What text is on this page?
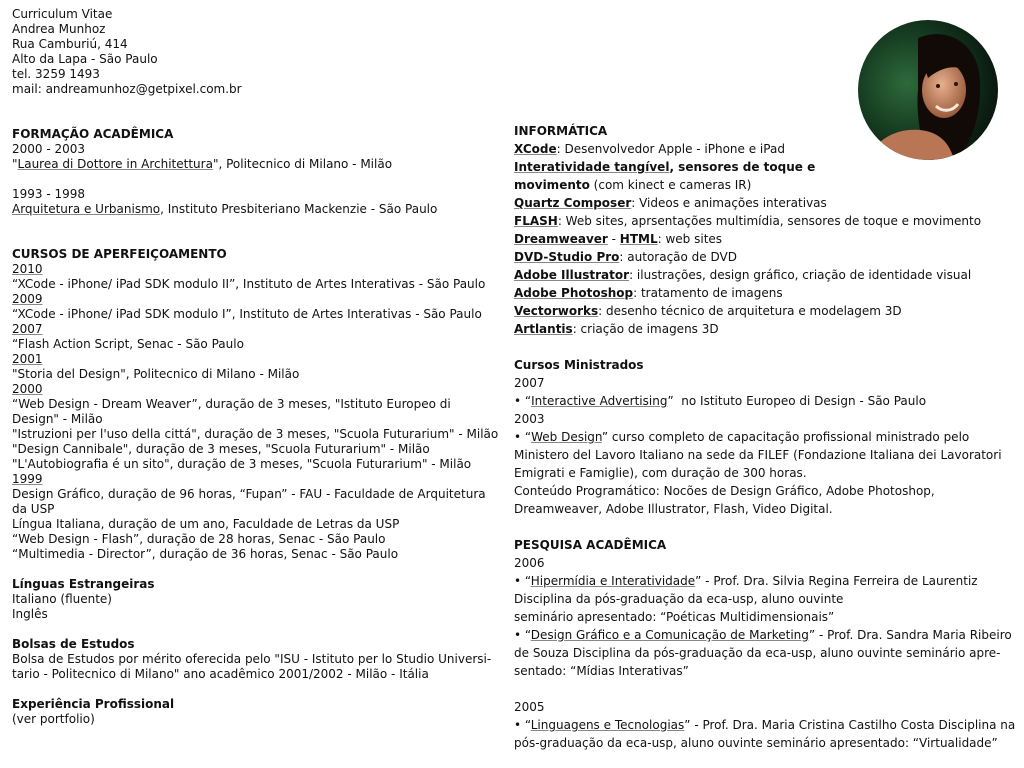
Curriculum Vitae
Andrea Munhoz
Rua Camburiú, 414
Alto da Lapa - São Paulo
tel. 3259 1493
mail: andreamunhoz@getpixel.com.br
FORMAÇÃO ACADÊMICA
2000 - 2003
"Laurea di Dottore in Architettura", Politecnico di Milano - Milão
1993 - 1998
Arquitetura e Urbanismo, Instituto Presbiteriano Mackenzie - São Paulo
CURSOS DE APERFEIÇOAMENTO
2010
“XCode - iPhone/ iPad SDK modulo II”, Instituto de Artes Interativas - São Paulo
2009
“XCode - iPhone/ iPad SDK modulo I”, Instituto de Artes Interativas - São Paulo
2007
“Flash Action Script, Senac - São Paulo
2001
"Storia del Design", Politecnico di Milano - Milão
2000
“Web Design - Dream Weaver”, duração de 3 meses, "Istituto Europeo di Design" - Milão
"Istruzioni per l'uso della cittá", duração de 3 meses, "Scuola Futurarium" - Milão
"Design Cannibale", duração de 3 meses, "Scuola Futurarium" - Milão
"L'Autobiografia é un sito", duração de 3 meses, "Scuola Futurarium" - Milão
1999
Design Gráfico, duração de 96 horas, “Fupan” - FAU - Faculdade de Arquitetura da USP
Língua Italiana, duração de um ano, Faculdade de Letras da USP
“Web Design - Flash”, duração de 28 horas, Senac - São Paulo
“Multimedia - Director”, duração de 36 horas, Senac - São Paulo
Línguas Estrangeiras
Italiano (fluente)
Inglês
Bolsas de Estudos
Bolsa de Estudos por mérito oferecida pelo "ISU - Istituto per lo Studio Universi-
tario - Politecnico di Milano" ano acadêmico 2001/2002 - Milão - Itália
Experiência Profissional
(ver portfolio)
INFORMÁTICA
XCode: Desenvolvedor Apple - iPhone e iPad
Interatividade tangível, sensores de toque e
movimento (com kinect e cameras IR)
Quartz Composer: Videos e animações interativas
FLASH: Web sites, aprsentações multimídia, sensores de toque e movimento
Dreamweaver - HTML: web sites
DVD-Studio Pro: autoração de DVD
Adobe Illustrator: ilustrações, design gráfico, criação de identidade visual
Adobe Photoshop: tratamento de imagens
Vectorworks: desenho técnico de arquitetura e modelagem 3D
Artlantis: criação de imagens 3D
Cursos Ministrados
2007
• “Interactive Advertising”  no Istituto Europeo di Design - São Paulo
2003
• “Web Design” curso completo de capacitação profissional ministrado pelo Ministero del Lavoro Italiano na sede da FILEF (Fondazione Italiana dei Lavoratori Emigrati e Famiglie), com duração de 300 horas.
Conteúdo Programático: Nocões de Design Gráfico, Adobe Photoshop, Dreamweaver, Adobe Illustrator, Flash, Video Digital.
PESQUISA ACADÊMICA
2006
• “Hipermídia e Interatividade” - Prof. Dra. Silvia Regina Ferreira de Laurentiz
Disciplina da pós-graduação da eca-usp, aluno ouvinte
seminário apresentado: “Poéticas Multidimensionais”
• “Design Gráfico e a Comunicação de Marketing” - Prof. Dra. Sandra Maria Ribeiro
de Souza Disciplina da pós-graduação da eca-usp, aluno ouvinte seminário apre-
sentado: “Mídias Interativas”
2005
• “Linguagens e Tecnologias” - Prof. Dra. Maria Cristina Castilho Costa Disciplina na
pós-graduação da eca-usp, aluno ouvinte seminário apresentado: “Virtualidade”
